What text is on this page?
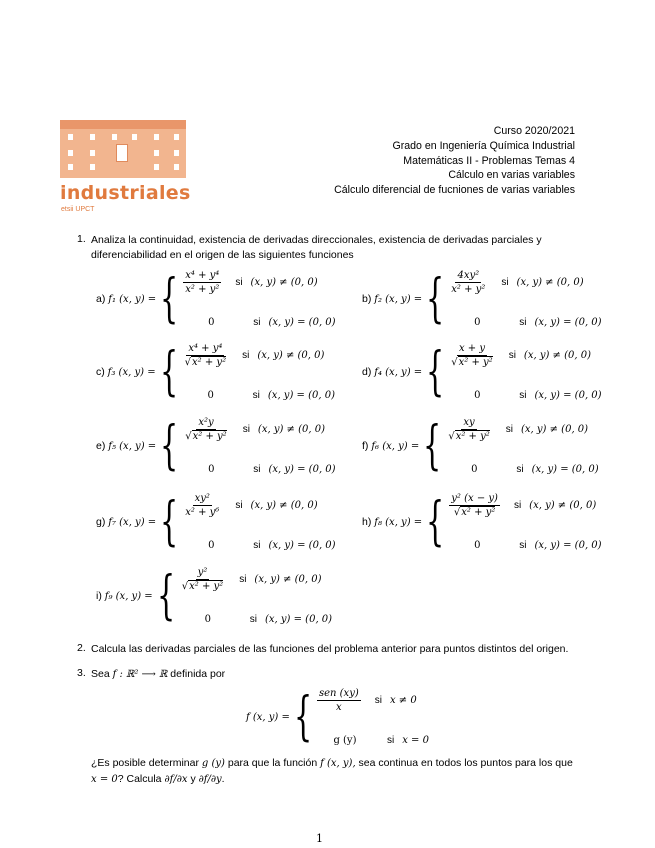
industriales
etsii UPCT
Curso 2020/2021
Grado en Ingeniería Química Industrial
Matemáticas II - Problemas Temas 4
Cálculo en varias variables
Cálculo diferencial de fucniones de varias variables
1. Analiza la continuidad, existencia de derivadas direccionales, existencia de derivadas parciales y diferenciabilidad en el origen de las siguientes funciones
a) f₁ (x, y) = { $\frac{\text{x⁴ + y⁴}}{\text{x² + y²}}$ si (x, y) ≠ (0, 0)
0	si (x, y) = (0, 0)
b) f₂ (x, y) = { $\frac{\text{4xy²}}{\text{x² + y²}}$ si (x, y) ≠ (0, 0)
0	si (x, y) = (0, 0)
c) f₃ (x, y) = { $\frac{\text{x⁴ + y⁴}}{\text{√x² + y²}}$ si (x, y) ≠ (0, 0)
0	si (x, y) = (0, 0)
d) f₄ (x, y) = { $\frac{x + y}{\text{√x² + y²}}$ si (x, y) ≠ (0, 0)
0	si (x, y) = (0, 0)
e) f₅ (x, y) = { $\frac{\text{x²y}}{\text{√x² + y²}}$ si (x, y) ≠ (0, 0)
0	si (x, y) = (0, 0)
f) f₆ (x, y) = { $\frac{xy}{\text{√x² + y²}}$ si (x, y) ≠ (0, 0)
0	si (x, y) = (0, 0)
g) f₇ (x, y) = { $\frac{\text{xy²}}{\text{x² + y⁶}}$ si (x, y) ≠ (0, 0)
0	si (x, y) = (0, 0)
h) f₈ (x, y) = { $\frac{\text{y² (x − y)}}{\text{√x² + y²}}$ si (x, y) ≠ (0, 0)
0	si (x, y) = (0, 0)
i) f₉ (x, y) = { $\frac{\text{y²}}{\text{√x² + y²}}$ si (x, y) ≠ (0, 0)
0	si (x, y) = (0, 0)
2. Calcula las derivadas parciales de las funciones del problema anterior para puntos distintos del origen.
3. Sea f : ℝ² ⟶ ℝ definida por
f (x, y) = { $\frac{\text{sen (xy)}}{x}$ si x ≠ 0
g (y)	si x = 0
¿Es posible determinar g (y) para que la función f (x, y), sea continua en todos los puntos para los que x = 0? Calcula ∂f/∂x y ∂f/∂y.
1
